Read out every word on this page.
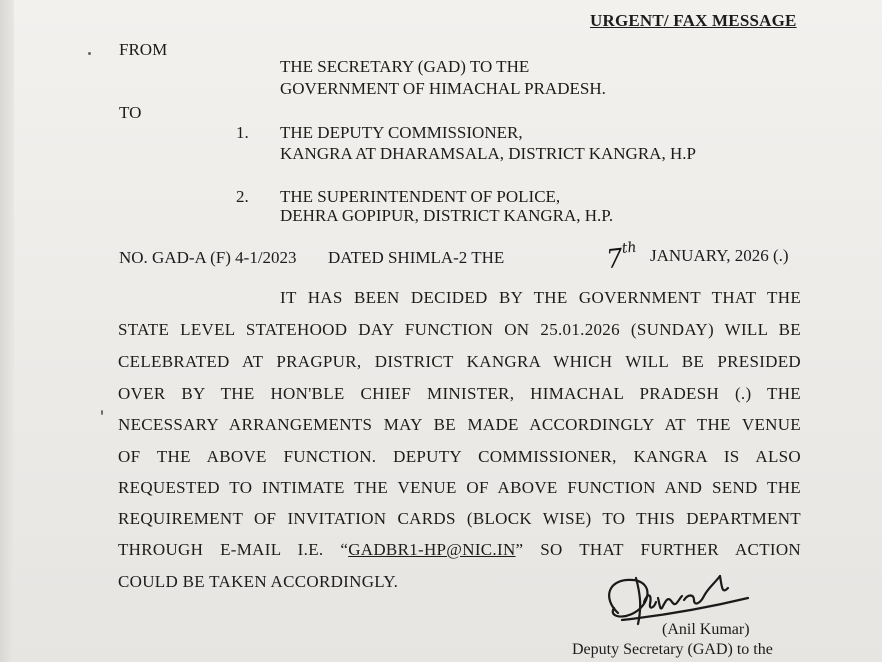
URGENT/ FAX MESSAGE
FROM
THE SECRETARY (GAD) TO THE
GOVERNMENT OF HIMACHAL PRADESH.
TO
1. THE DEPUTY COMMISSIONER,
KANGRA AT DHARAMSALA, DISTRICT KANGRA, H.P
2. THE SUPERINTENDENT OF POLICE,
DEHRA GOPIPUR, DISTRICT KANGRA, H.P.
NO. GAD-A (F) 4-1/2023 DATED SHIMLA-2 THE	7th JANUARY, 2026 (.)
IT HAS BEEN DECIDED BY THE GOVERNMENT THAT THE
STATE LEVEL STATEHOOD DAY FUNCTION ON 25.01.2026 (SUNDAY) WILL BE
CELEBRATED AT PRAGPUR, DISTRICT KANGRA WHICH WILL BE PRESIDED
OVER BY THE HON'BLE CHIEF MINISTER, HIMACHAL PRADESH (.) THE
NECESSARY ARRANGEMENTS MAY BE MADE ACCORDINGLY AT THE VENUE
OF THE ABOVE FUNCTION. DEPUTY COMMISSIONER, KANGRA IS ALSO
REQUESTED TO INTIMATE THE VENUE OF ABOVE FUNCTION AND SEND THE
REQUIREMENT OF INVITATION CARDS (BLOCK WISE) TO THIS DEPARTMENT
THROUGH E-MAIL I.E. “GADBR1-HP@NIC.IN” SO THAT FURTHER ACTION
COULD BE TAKEN ACCORDINGLY.
(Anil Kumar)
Deputy Secretary (GAD) to the
